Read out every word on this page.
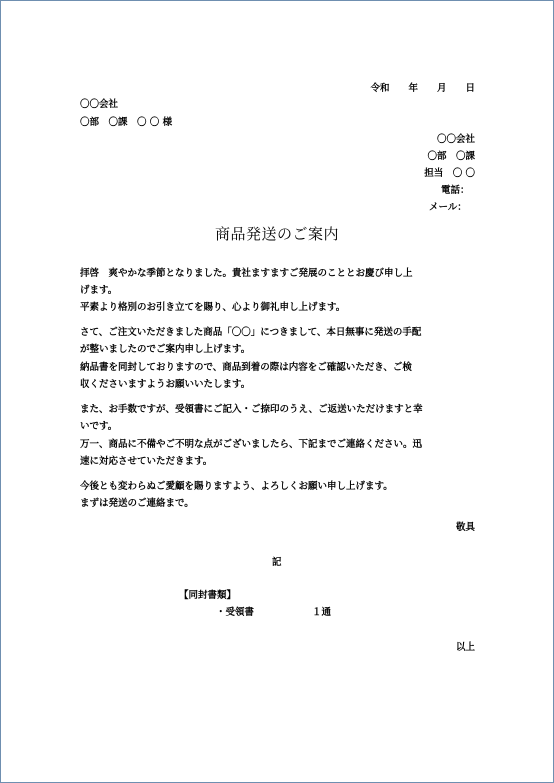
令和　　年　　月　　日
〇〇会社
〇部　〇課　〇 〇 様
〇〇会社
〇部　〇課
担当　〇 〇
電話：
メール：
商品発送のご案内
拝啓　爽やかな季節となりました。貴社ますますご発展のこととお慶び申し上
げます。
平素より格別のお引き立てを賜り、心より御礼申し上げます。
さて、ご注文いただきました商品「〇〇」につきまして、本日無事に発送の手配
が整いましたのでご案内申し上げます。
納品書を同封しておりますので、商品到着の際は内容をご確認いただき、ご検
収くださいますようお願いいたします。
また、お手数ですが、受領書にご記入・ご捺印のうえ、ご返送いただけますと幸
いです。
万一、商品に不備やご不明な点がございましたら、下記までご連絡ください。迅
速に対応させていただきます。
今後とも変わらぬご愛顧を賜りますよう、よろしくお願い申し上げます。
まずは発送のご連絡まで。
敬具
記
【同封書類】
・受領書	１通
以上
